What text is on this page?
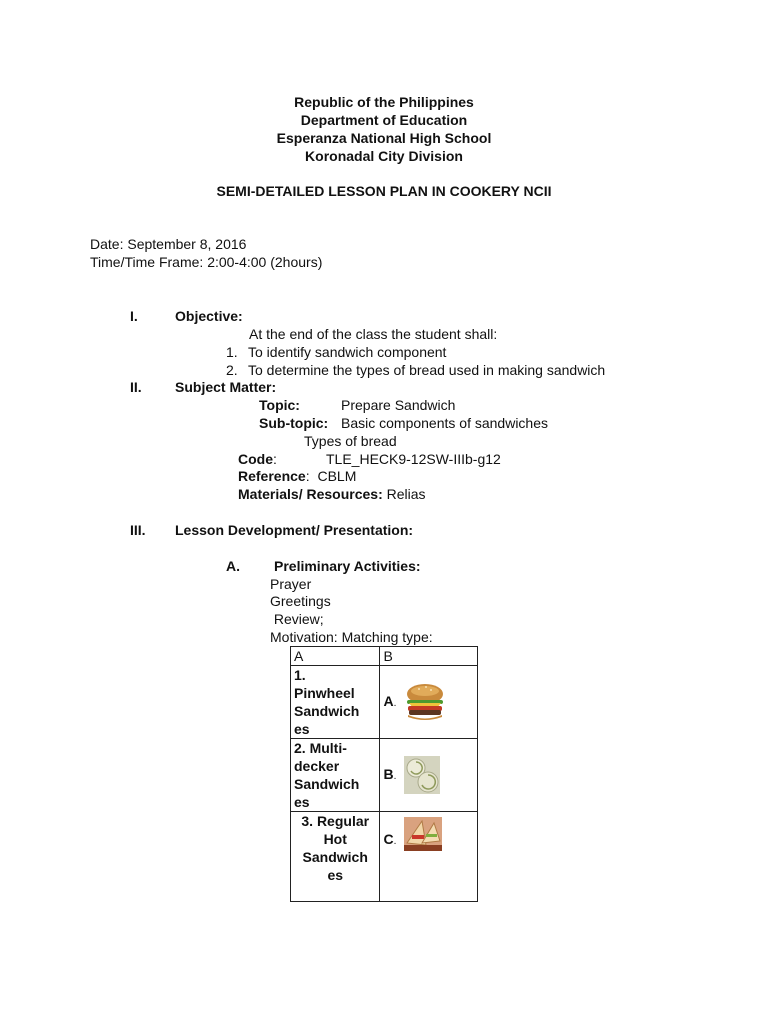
Republic of the Philippines
Department of Education
Esperanza National High School
Koronadal City Division
SEMI-DETAILED LESSON PLAN IN COOKERY NCII
Date: September 8, 2016
Time/Time Frame: 2:00-4:00 (2hours)
I.	Objective:
At the end of the class the student shall:
1. To identify sandwich component
2. To determine the types of bread used in making sandwich
II. Subject Matter:
Topic:	Prepare Sandwich
Sub-topic: Basic components of sandwiches
Types of bread
Code:	TLE_HECK9-12SW-IIIb-g12
Reference: CBLM
Materials/ Resources: Relias
III. Lesson Development/ Presentation:
A. Preliminary Activities:
Prayer
Greetings
Review;
Motivation: Matching type:
A	B

1.
Pinwheel
Sandwich
es	A.

2. Multi-
decker
Sandwich
es	B.

3. Regular
Hot
Sandwich
es	C.
